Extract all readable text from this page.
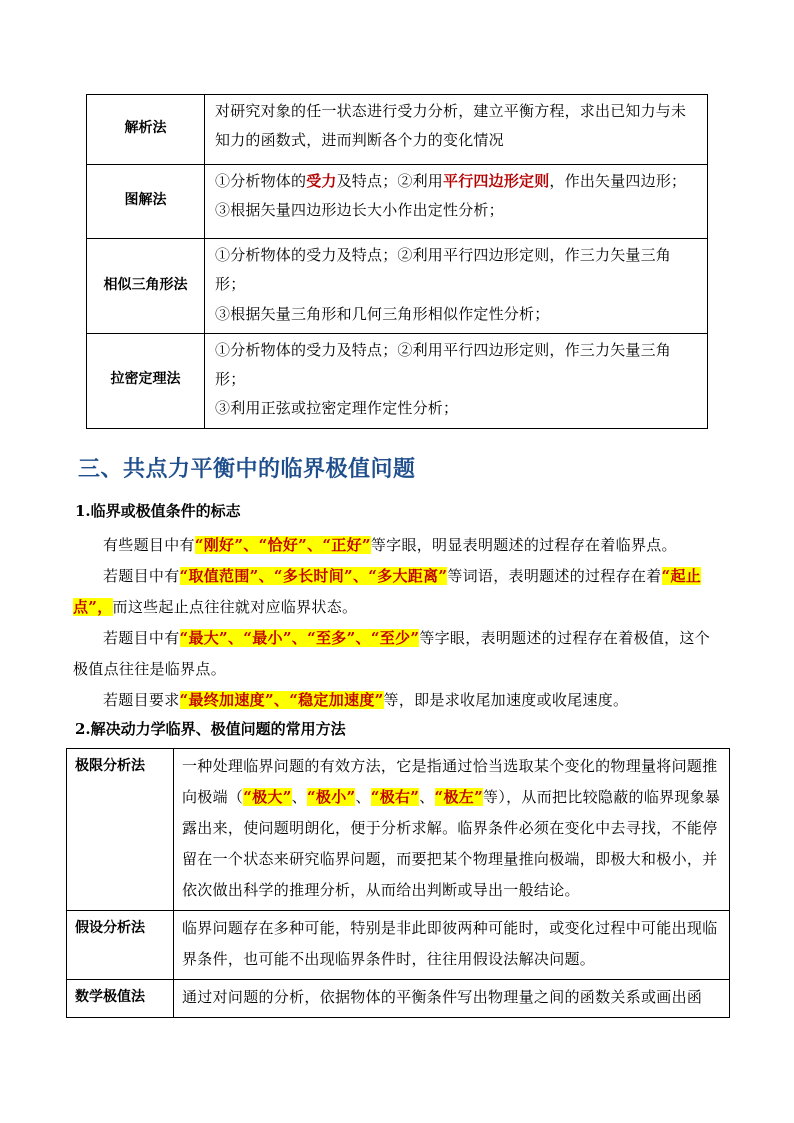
解析法	对研究对象的任一状态进行受力分析，建立平衡方程，求出已知力与未知力的函数式，进而判断各个力的变化情况
图解法	①分析物体的受力及特点；②利用平行四边形定则，作出矢量四边形；
③根据矢量四边形边长大小作出定性分析；
相似三角形法	①分析物体的受力及特点；②利用平行四边形定则，作三力矢量三角形；
③根据矢量三角形和几何三角形相似作定性分析；
拉密定理法	①分析物体的受力及特点；②利用平行四边形定则，作三力矢量三角形；
③利用正弦或拉密定理作定性分析；
三、共点力平衡中的临界极值问题

1.临界或极值条件的标志

有些题目中有“刚好”、“恰好”、“正好”等字眼，明显表明题述的过程存在着临界点。

若题目中有“取值范围”、“多长时间”、“多大距离”等词语，表明题述的过程存在着“起止点”，而这些起止点往往就对应临界状态。

若题目中有“最大”、“最小”、“至多”、“至少”等字眼，表明题述的过程存在着极值，这个极值点往往是临界点。

若题目要求“最终加速度”、“稳定加速度”等，即是求收尾加速度或收尾速度。

2.解决动力学临界、极值问题的常用方法

极限分析法	一种处理临界问题的有效方法，它是指通过恰当选取某个变化的物理量将问题推向极端（“极大”、“极小”、“极右”、“极左”等），从而把比较隐蔽的临界现象暴露出来，使问题明朗化，便于分析求解。临界条件必须在变化中去寻找，不能停留在一个状态来研究临界问题，而要把某个物理量推向极端，即极大和极小，并依次做出科学的推理分析，从而给出判断或导出一般结论。
假设分析法	临界问题存在多种可能，特别是非此即彼两种可能时，或变化过程中可能出现临界条件，也可能不出现临界条件时，往往用假设法解决问题。
数学极值法	通过对问题的分析，依据物体的平衡条件写出物理量之间的函数关系或画出函
